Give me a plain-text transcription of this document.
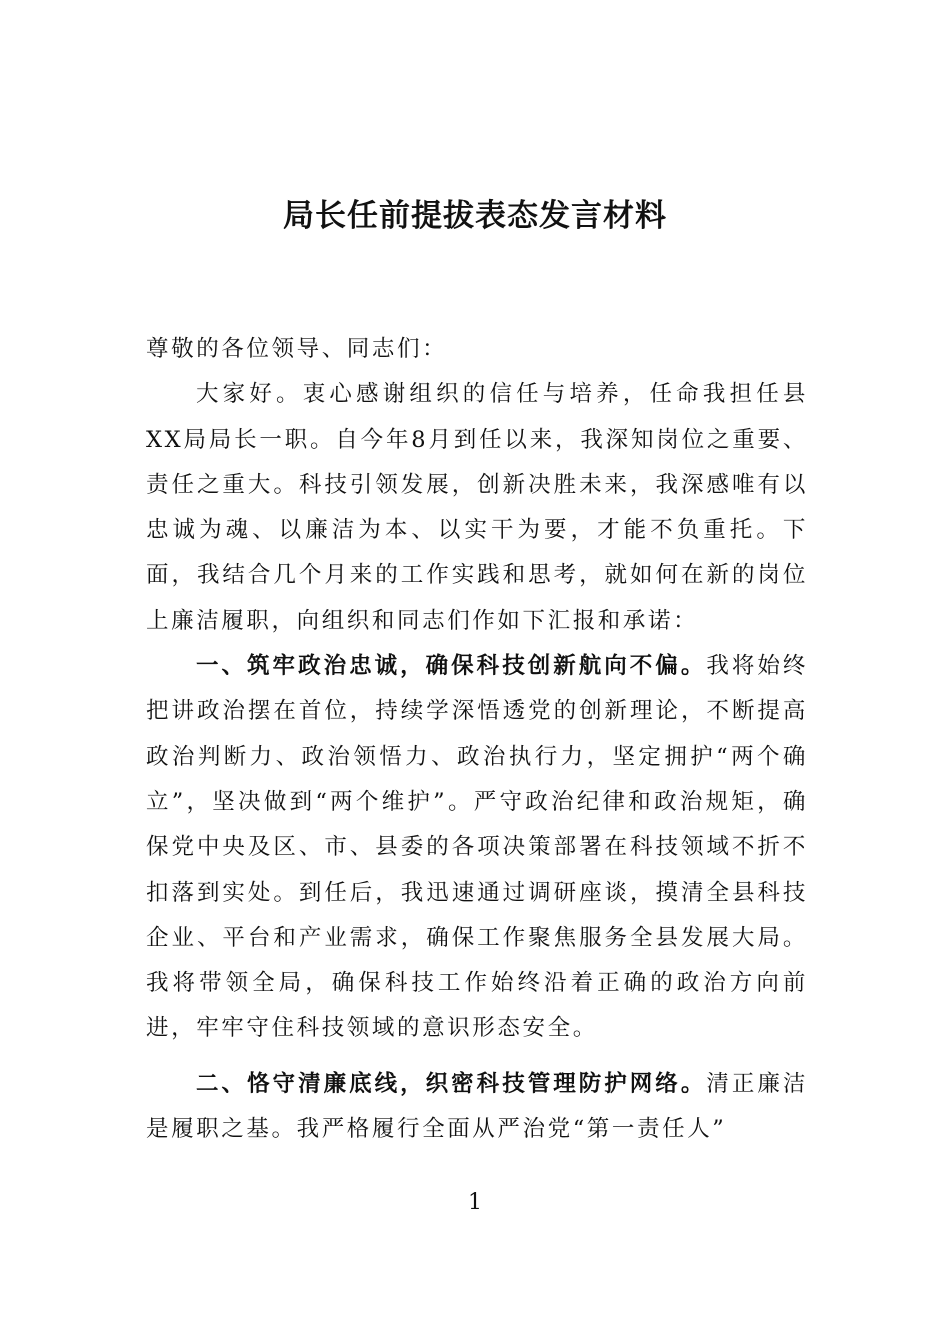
局长任前提拔表态发言材料

尊敬的各位领导、同志们：

大家好。衷心感谢组织的信任与培养，任命我担任县XX局局长一职。自今年8月到任以来，我深知岗位之重要、责任之重大。科技引领发展，创新决胜未来，我深感唯有以忠诚为魂、以廉洁为本、以实干为要，才能不负重托。下面，我结合几个月来的工作实践和思考，就如何在新的岗位上廉洁履职，向组织和同志们作如下汇报和承诺：

一、筑牢政治忠诚，确保科技创新航向不偏。我将始终把讲政治摆在首位，持续学深悟透党的创新理论，不断提高政治判断力、政治领悟力、政治执行力，坚定拥护“两个确立”，坚决做到“两个维护”。严守政治纪律和政治规矩，确保党中央及区、市、县委的各项决策部署在科技领域不折不扣落到实处。到任后，我迅速通过调研座谈，摸清全县科技企业、平台和产业需求，确保工作聚焦服务全县发展大局。我将带领全局，确保科技工作始终沿着正确的政治方向前进，牢牢守住科技领域的意识形态安全。

二、恪守清廉底线，织密科技管理防护网络。清正廉洁是履职之基。我严格履行全面从严治党“第一责任人”

1
